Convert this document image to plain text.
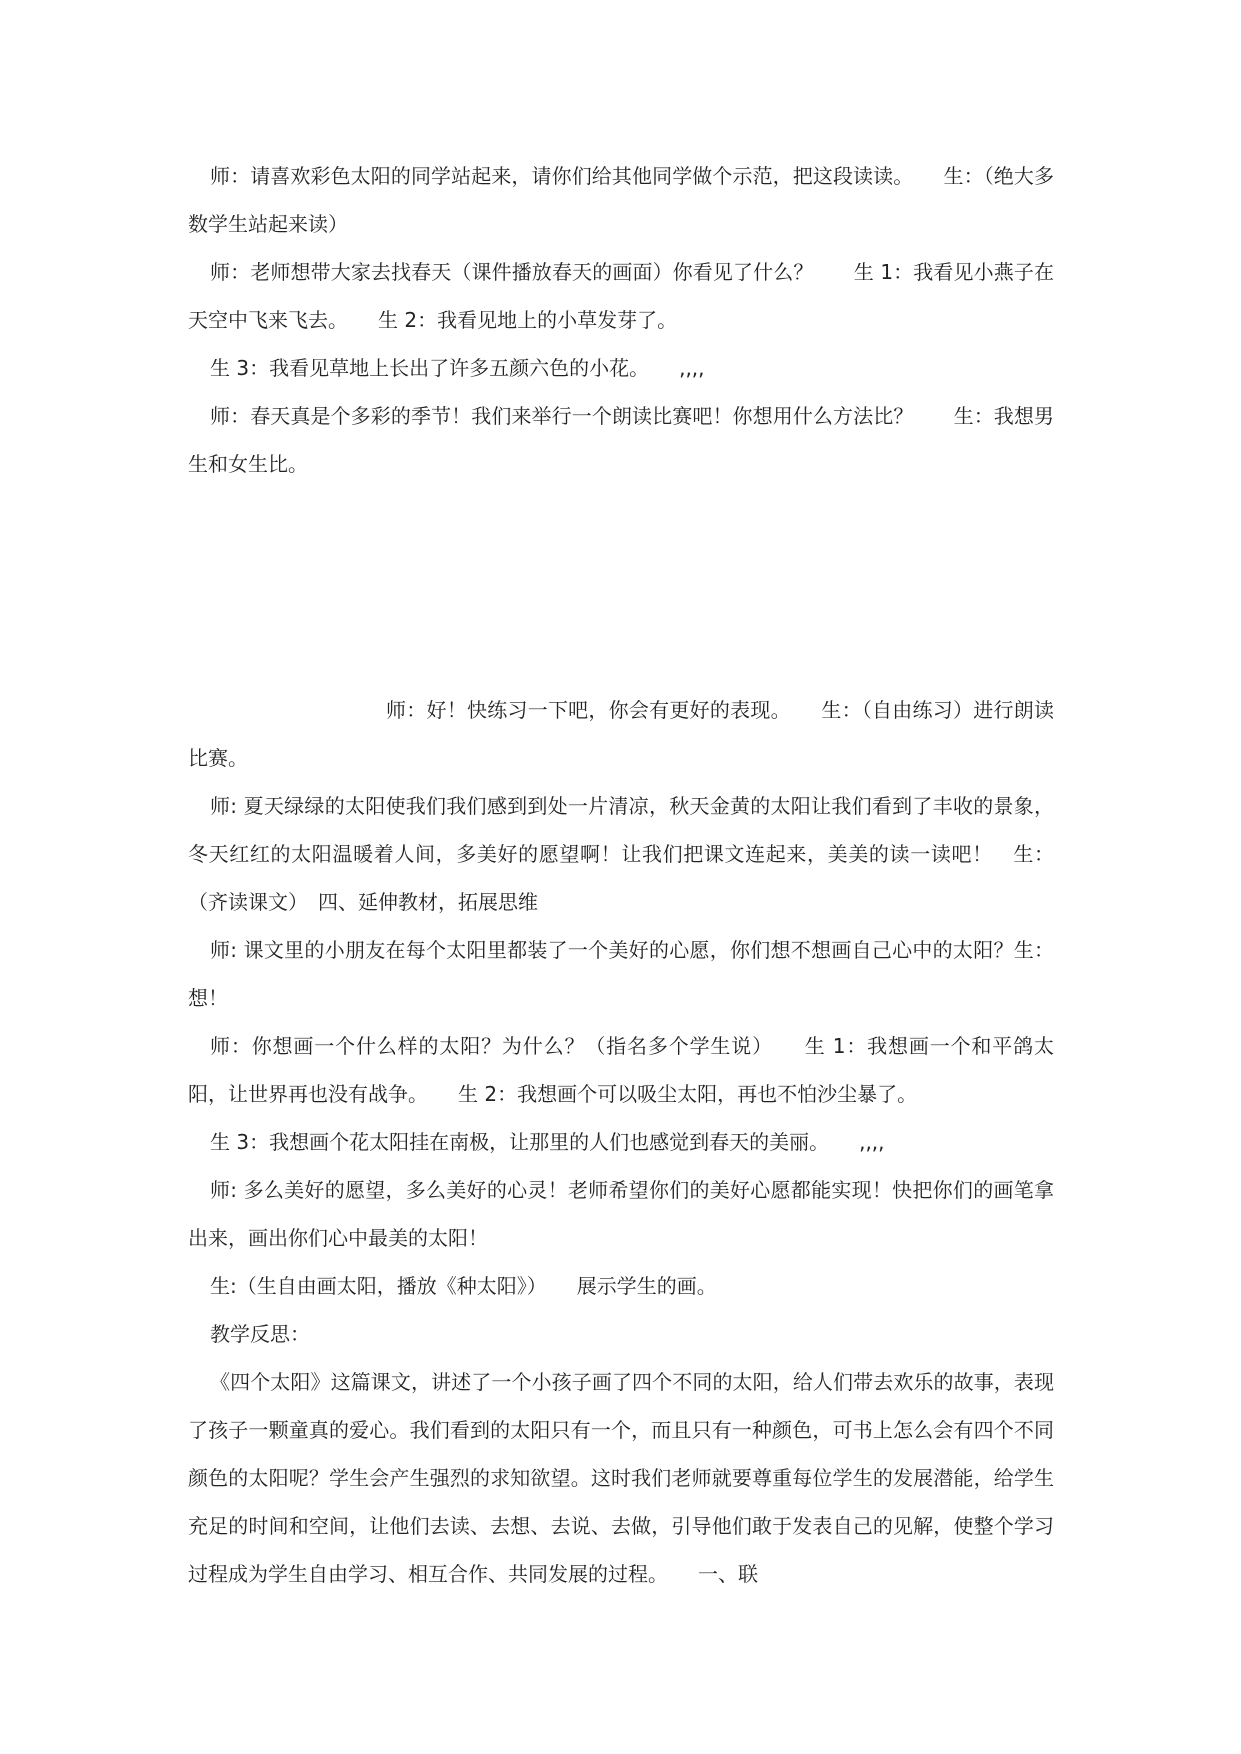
师：请喜欢彩色太阳的同学站起来，请你们给其他同学做个示范，把这段读读。　　生：（绝大多数学生站起来读）

师：老师想带大家去找春天（课件播放春天的画面）你看见了什么？　　生 1：我看见小燕子在天空中飞来飞去。　　生 2：我看见地上的小草发芽了。

生 3：我看见草地上长出了许多五颜六色的小花。　　,,,,

师：春天真是个多彩的季节！我们来举行一个朗读比赛吧！你想用什么方法比？　　生：我想男生和女生比。

师：好！快练习一下吧，你会有更好的表现。　　生：（自由练习）进行朗读比赛。

师: 夏天绿绿的太阳使我们我们感到到处一片清凉，秋天金黄的太阳让我们看到了丰收的景象，冬天红红的太阳温暖着人间，多美好的愿望啊！让我们把课文连起来，美美的读一读吧！　生：（齐读课文）　四、延伸教材，拓展思维

师: 课文里的小朋友在每个太阳里都装了一个美好的心愿，你们想不想画自己心中的太阳？生：想！

师：你想画一个什么样的太阳？为什么？（指名多个学生说）　　生 1：我想画一个和平鸽太阳，让世界再也没有战争。　　生 2：我想画个可以吸尘太阳，再也不怕沙尘暴了。

生 3：我想画个花太阳挂在南极，让那里的人们也感觉到春天的美丽。　　,,,,

师: 多么美好的愿望，多么美好的心灵！老师希望你们的美好心愿都能实现！快把你们的画笔拿出来，画出你们心中最美的太阳！

生:（生自由画太阳，播放《种太阳》）　　展示学生的画。

教学反思：

《四个太阳》这篇课文，讲述了一个小孩子画了四个不同的太阳，给人们带去欢乐的故事，表现了孩子一颗童真的爱心。我们看到的太阳只有一个，而且只有一种颜色，可书上怎么会有四个不同颜色的太阳呢？学生会产生强烈的求知欲望。这时我们老师就要尊重每位学生的发展潜能，给学生充足的时间和空间，让他们去读、去想、去说、去做，引导他们敢于发表自己的见解，使整个学习过程成为学生自由学习、相互合作、共同发展的过程。　　一、联
